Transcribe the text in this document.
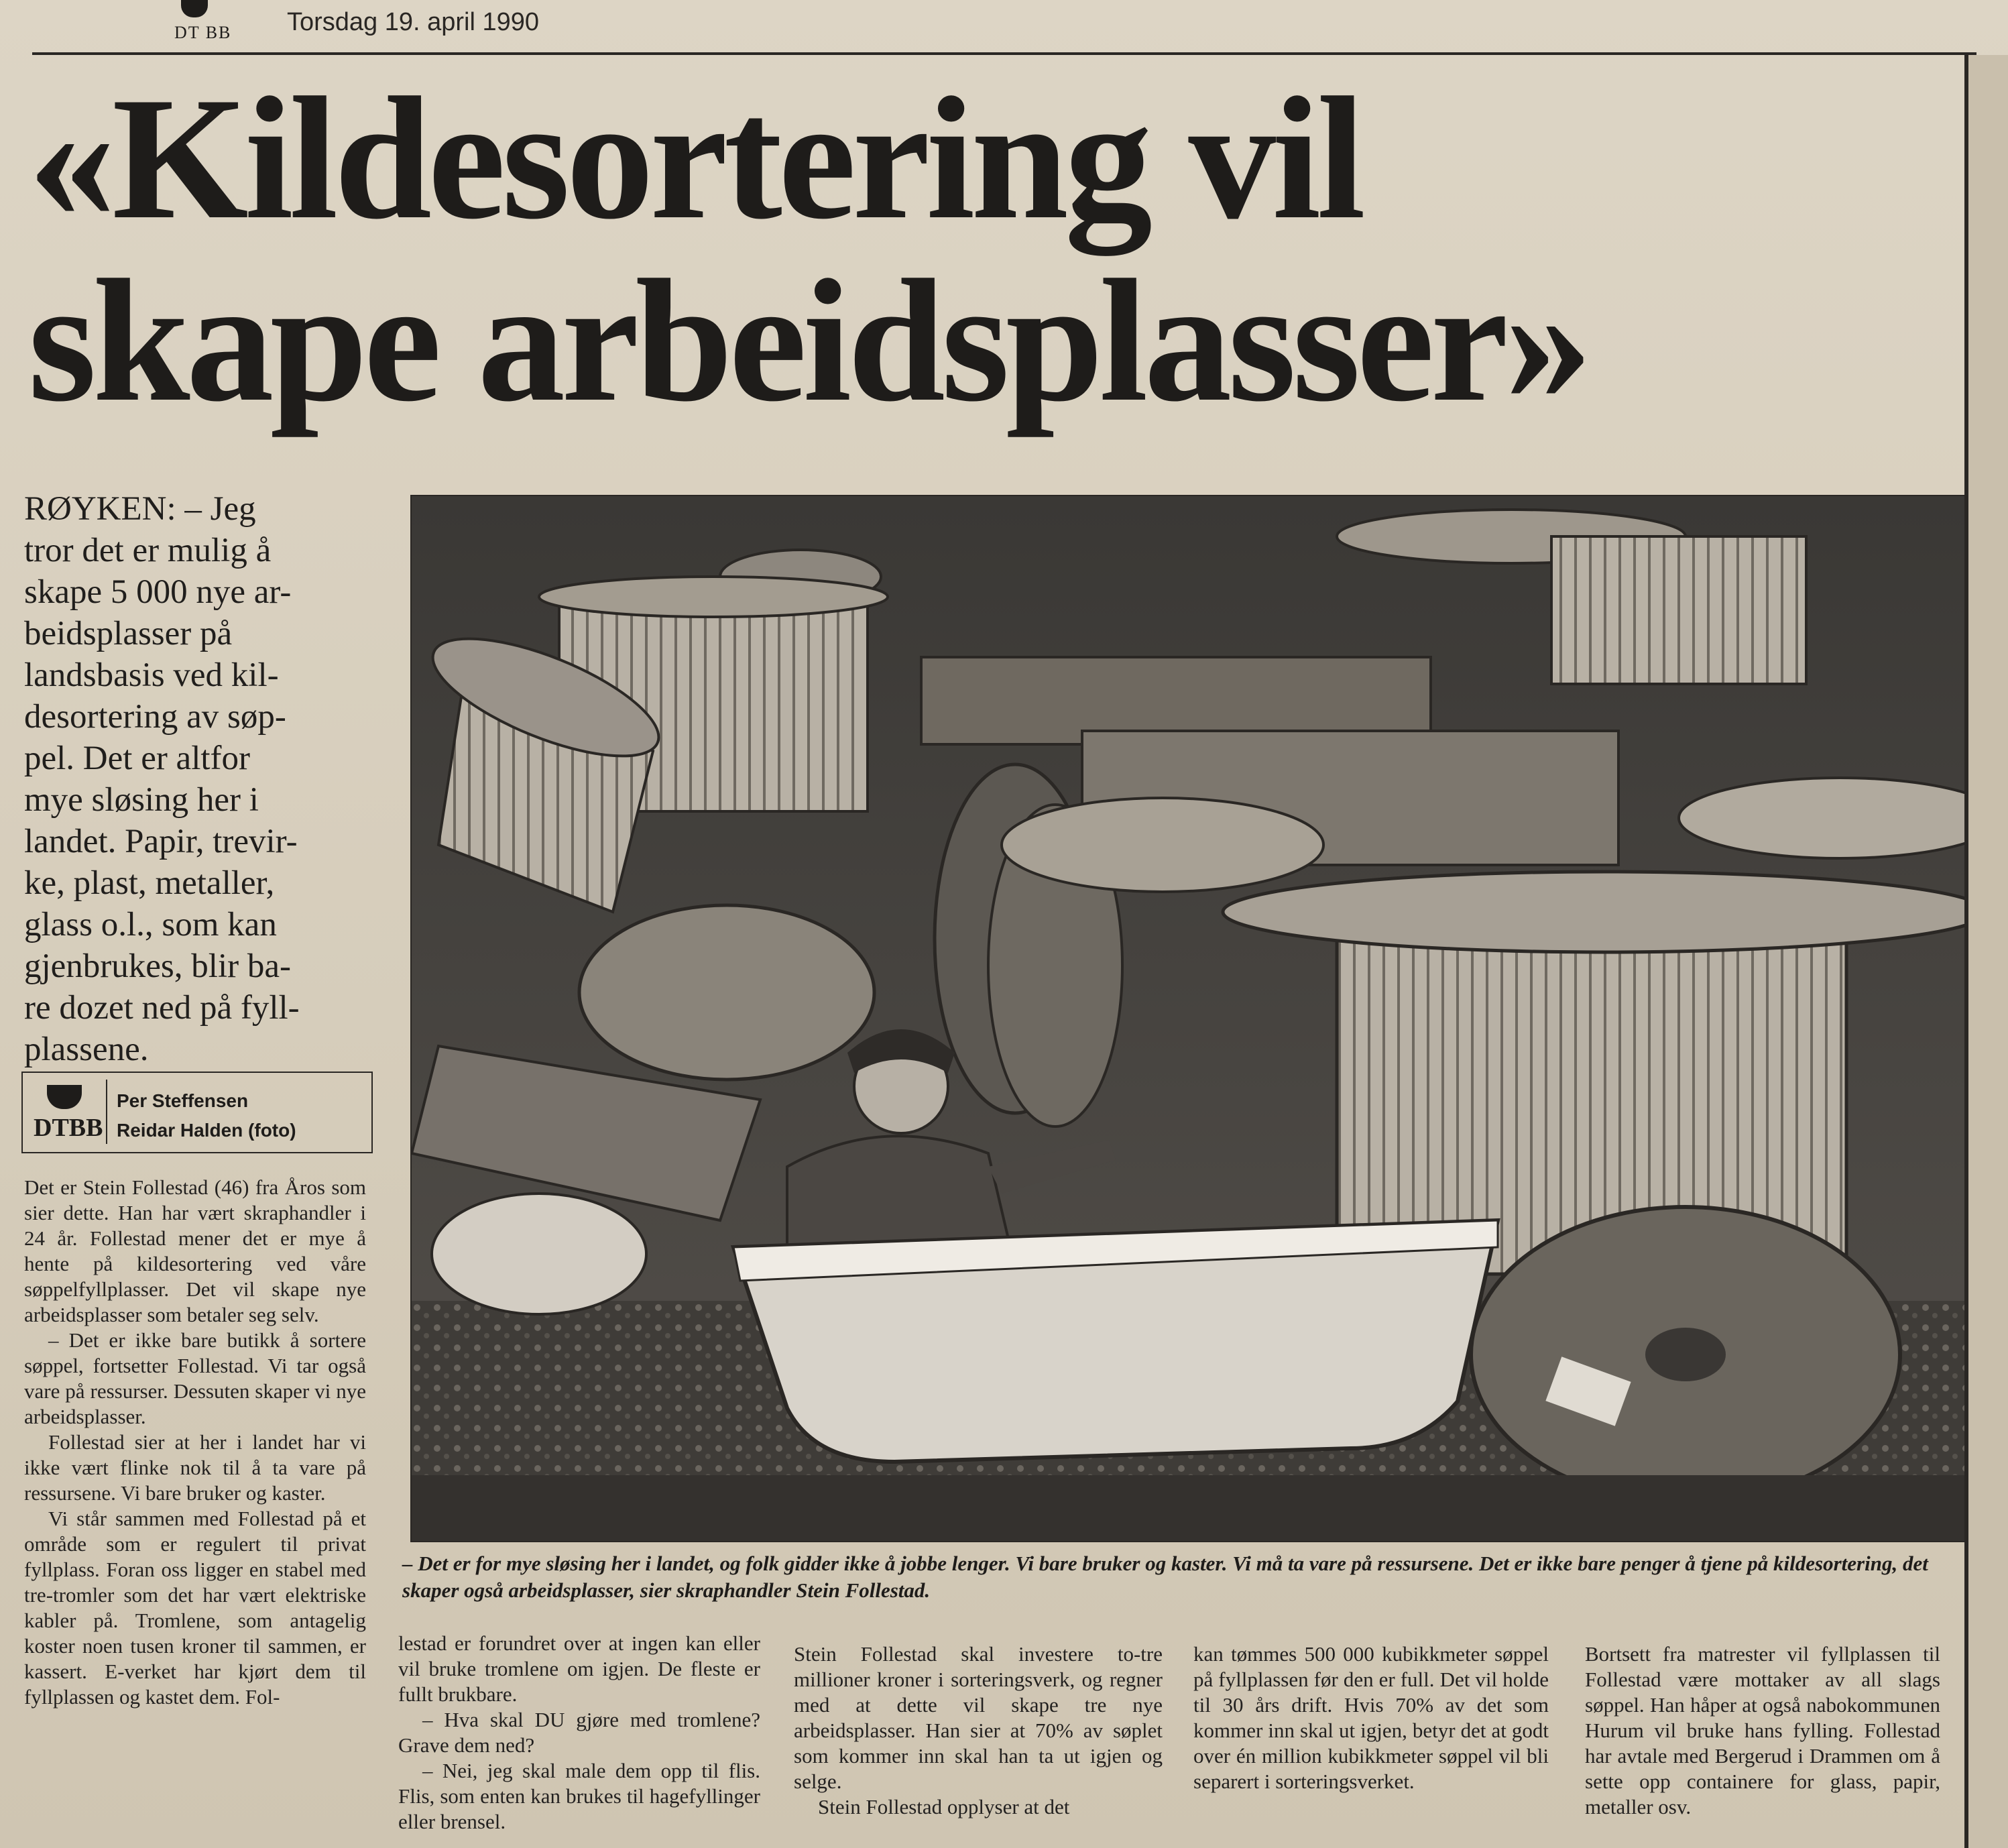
DT BB Torsdag 19. april 1990
«Kildesortering vil
skape arbeidsplasser»

RØYKEN: – Jeg

tror det er mulig å

skape 5 000 nye ar-

beidsplasser på

landsbasis ved kil-

desortering av søp-

pel. Det er altfor

mye sløsing her i

landet. Papir, trevir-

ke, plast, metaller,

glass o.l., som kan

gjenbrukes, blir ba-

re dozet ned på fyll-

plassene.

DTBB
Per Steffensen
Reidar Halden (foto)
– Det er for mye sløsing her i landet, og folk gidder ikke å jobbe lenger. Vi bare bruker og kaster. Vi må ta vare på ressursene. Det er ikke bare penger å tjene på kildesortering, det skaper også arbeidsplasser, sier skraphandler Stein Follestad.

Det er Stein Follestad (46) fra Åros som sier dette. Han har vært skraphandler i 24 år. Follestad mener det er mye å hente på kildesortering ved våre søppelfyllplasser. Det vil skape nye arbeidsplasser som betaler seg selv.

– Det er ikke bare butikk å sortere søppel, fortsetter Follestad. Vi tar også vare på ressurser. Dessuten skaper vi nye arbeidsplasser.

Follestad sier at her i landet har vi ikke vært flinke nok til å ta vare på ressursene. Vi bare bruker og kaster.

Vi står sammen med Follestad på et område som er regulert til privat fyllplass. Foran oss ligger en stabel med tre-tromler som det har vært elektriske kabler på. Tromlene, som antagelig koster noen tusen kroner til sammen, er kassert. E-verket har kjørt dem til fyllplassen og kastet dem. Fol-

lestad er forundret over at ingen kan eller vil bruke tromlene om igjen. De fleste er fullt brukbare.

– Hva skal DU gjøre med tromlene? Grave dem ned?

– Nei, jeg skal male dem opp til flis. Flis, som enten kan brukes til hagefyllinger eller brensel.

Stein Follestad skal investere to-tre millioner kroner i sorteringsverk, og regner med at dette vil skape tre nye arbeidsplasser. Han sier at 70% av søplet som kommer inn skal han ta ut igjen og selge.

Stein Follestad opplyser at det

kan tømmes 500 000 kubikkmeter søppel på fyllplassen før den er full. Det vil holde til 30 års drift. Hvis 70% av det som kommer inn skal ut igjen, betyr det at godt over én million kubikkmeter søppel vil bli separert i sorteringsverket.

Bortsett fra matrester vil fyllplassen til Follestad være mottaker av all slags søppel. Han håper at også nabokommunen Hurum vil bruke hans fylling. Follestad har avtale med Bergerud i Drammen om å sette opp containere for glass, papir, metaller osv.
